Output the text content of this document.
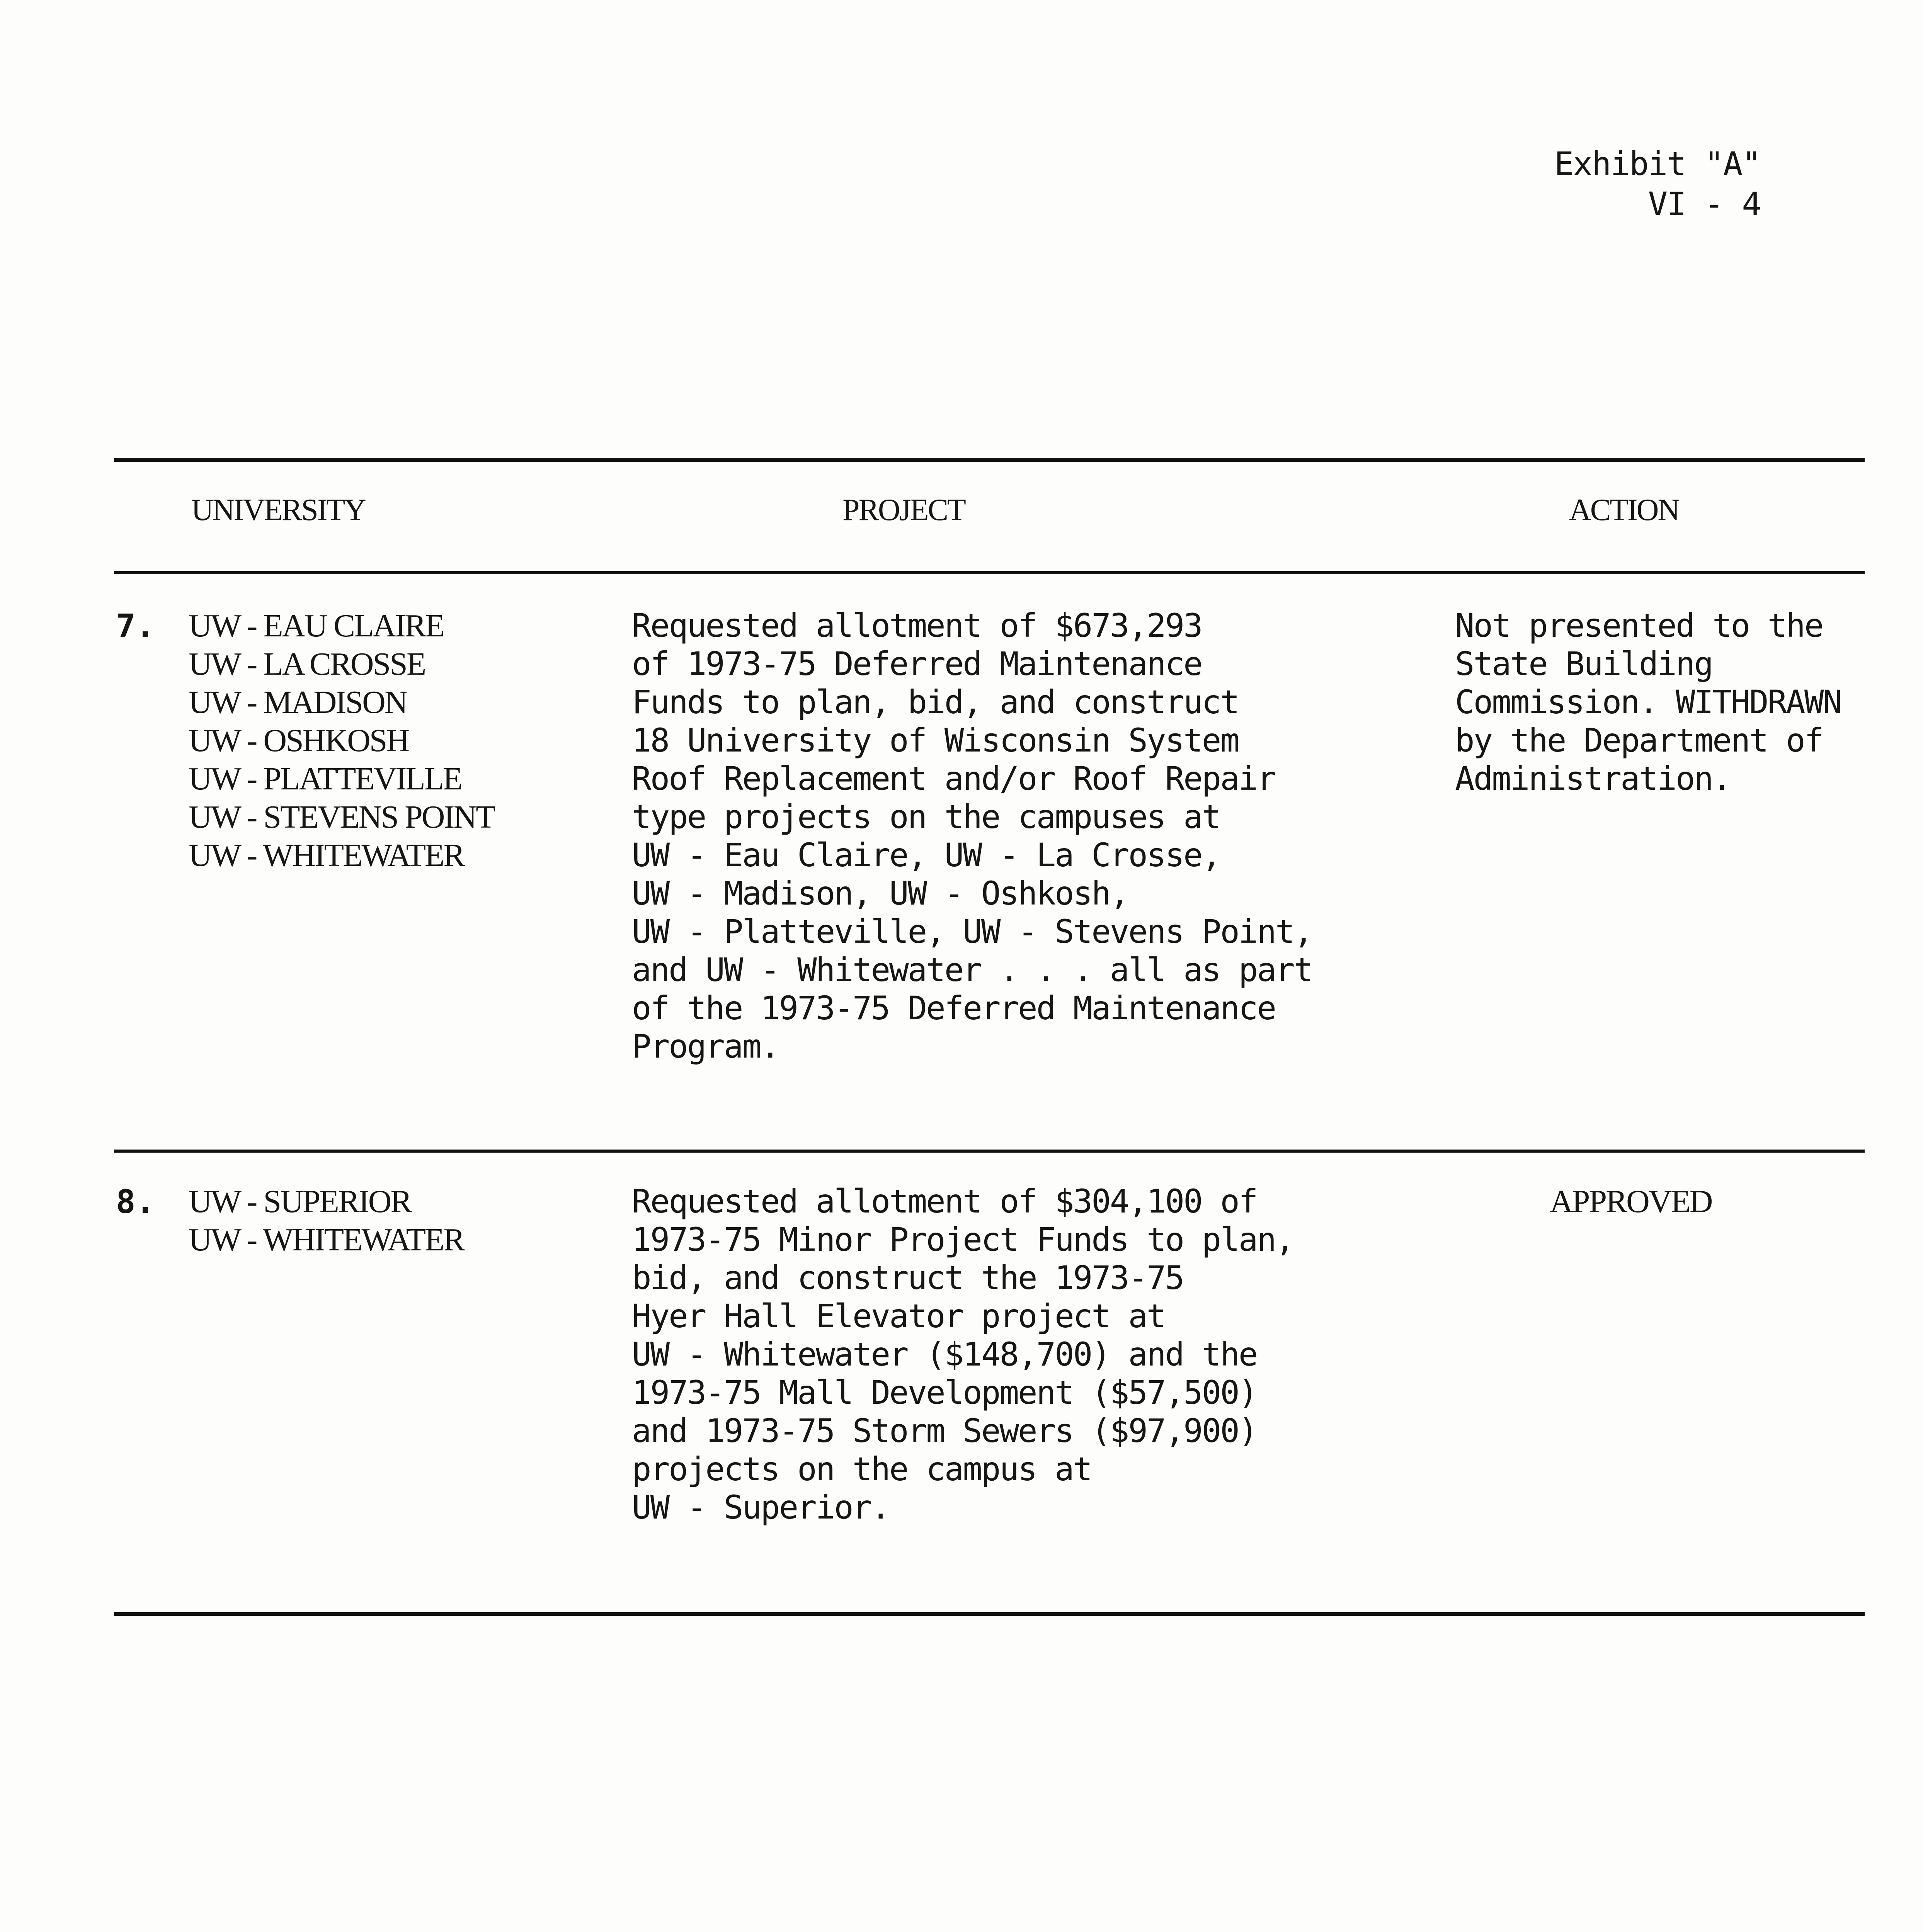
Exhibit "A"
VI - 4
UNIVERSITY	PROJECT	ACTION
7. UW - EAU CLAIRE
UW - LA CROSSE
UW - MADISON
UW - OSHKOSH
UW - PLATTEVILLE
UW - STEVENS POINT
UW - WHITEWATER
Requested allotment of $673,293
of 1973-75 Deferred Maintenance
Funds to plan, bid, and construct
18 University of Wisconsin System
Roof Replacement and/or Roof Repair
type projects on the campuses at
UW - Eau Claire, UW - La Crosse,
UW - Madison, UW - Oshkosh,
UW - Platteville, UW - Stevens Point,
and UW - Whitewater . . . all as part
of the 1973-75 Deferred Maintenance
Program.
Not presented to the
State Building
Commission. WITHDRAWN
by the Department of
Administration.
8. UW - SUPERIOR
UW - WHITEWATER
Requested allotment of $304,100 of
1973-75 Minor Project Funds to plan,
bid, and construct the 1973-75
Hyer Hall Elevator project at
UW - Whitewater ($148,700) and the
1973-75 Mall Development ($57,500)
and 1973-75 Storm Sewers ($97,900)
projects on the campus at
UW - Superior.
APPROVED
